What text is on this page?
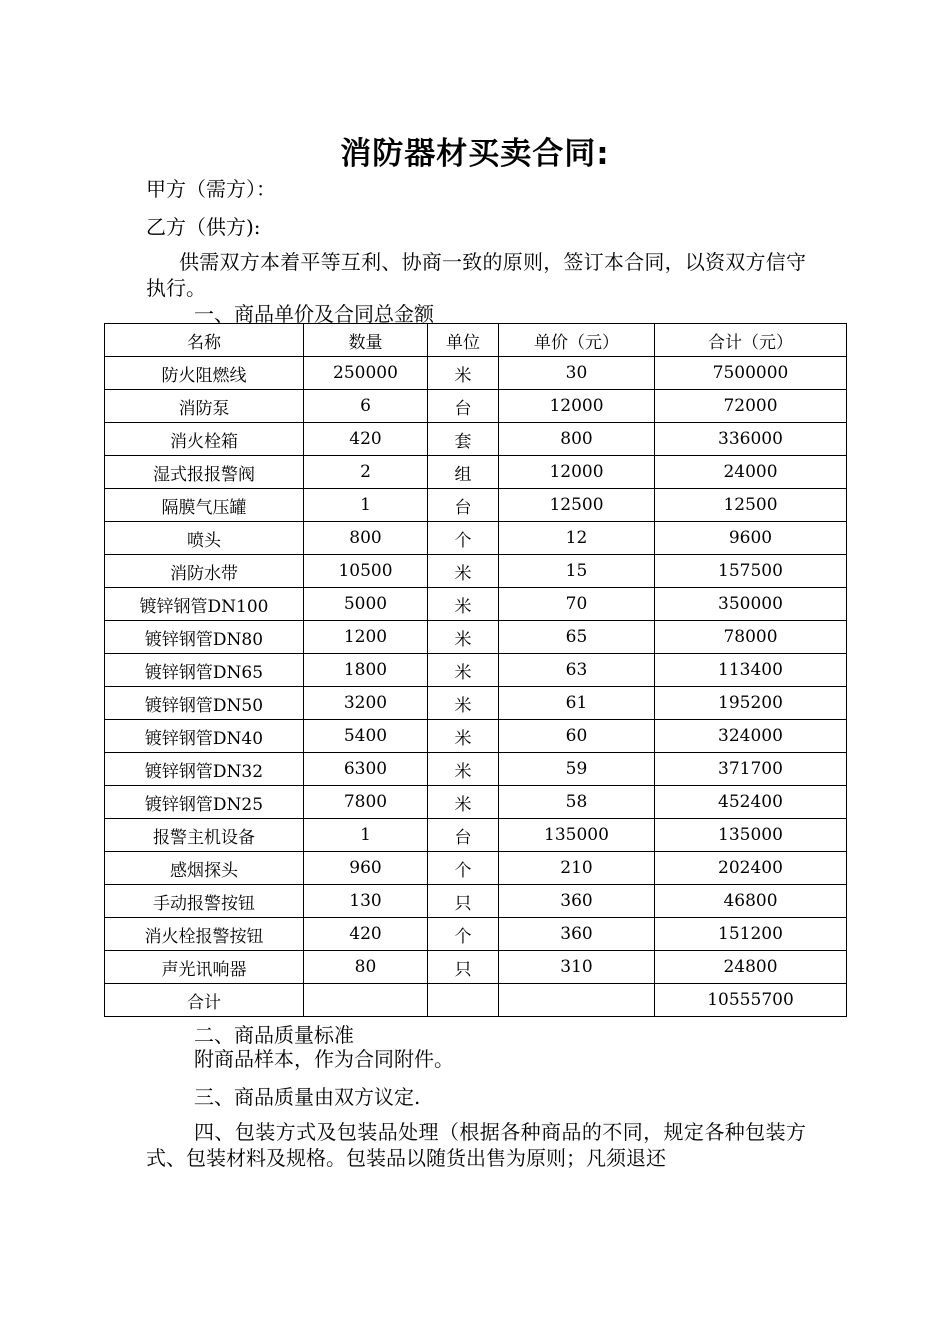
消防器材买卖合同:
甲方（需方）：
乙方（供方):
供需双方本着平等互利、协商一致的原则，签订本合同，以资双方信守执行。
一、商品单价及合同总金额
名称	数量	单位	单价（元）	合计（元）
防火阻燃线	250000	米	30	7500000
消防泵	6	台	12000	72000
消火栓箱	420	套	800	336000
湿式报报警阀	2	组	12000	24000
隔膜气压罐	1	台	12500	12500
喷头	800	个	12	9600
消防水带	10500	米	15	157500
镀锌钢管DN100	5000	米	70	350000
镀锌钢管DN80	1200	米	65	78000
镀锌钢管DN65	1800	米	63	113400
镀锌钢管DN50	3200	米	61	195200
镀锌钢管DN40	5400	米	60	324000
镀锌钢管DN32	6300	米	59	371700
镀锌钢管DN25	7800	米	58	452400
报警主机设备	1	台	135000	135000
感烟探头	960	个	210	202400
手动报警按钮	130	只	360	46800
消火栓报警按钮	420	个	360	151200
声光讯响器	80	只	310	24800
合计				10555700
二、商品质量标准
附商品样本，作为合同附件。
三、商品质量由双方议定.
四、包装方式及包装品处理（根据各种商品的不同，规定各种包装方式、包装材料及规格。包装品以随货出售为原则；凡须退还
